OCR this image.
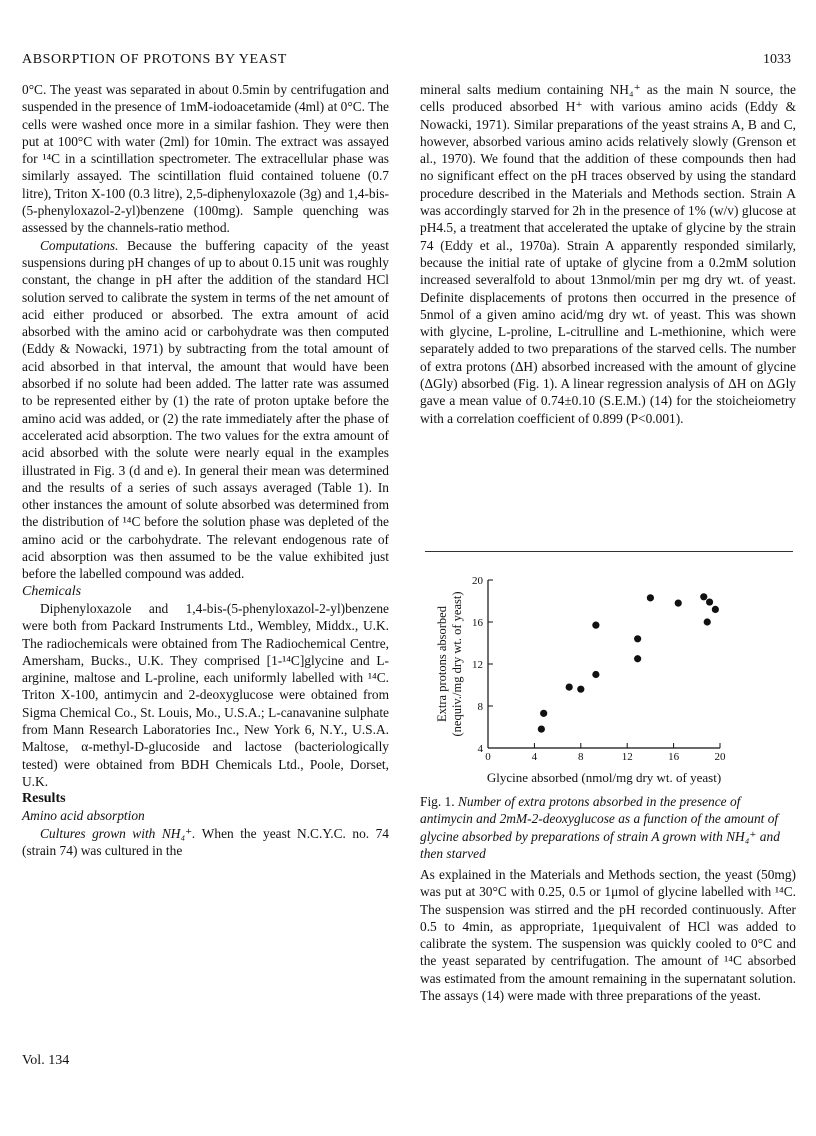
ABSORPTION OF PROTONS BY YEAST	1033

0°C. The yeast was separated in about 0.5min by centrifugation and suspended in the presence of 1mM-iodoacetamide (4ml) at 0°C. The cells were washed once more in a similar fashion. They were then put at 100°C with water (2ml) for 10min. The extract was assayed for ¹⁴C in a scintillation spectrometer. The extracellular phase was similarly assayed. The scintillation fluid contained toluene (0.7 litre), Triton X-100 (0.3 litre), 2,5-diphenyloxazole (3g) and 1,4-bis-(5-phenyloxazol-2-yl)benzene (100mg). Sample quenching was assessed by the channels-ratio method.

Computations. Because the buffering capacity of the yeast suspensions during pH changes of up to about 0.15 unit was roughly constant, the change in pH after the addition of the standard HCl solution served to calibrate the system in terms of the net amount of acid either produced or absorbed. The extra amount of acid absorbed with the amino acid or carbohydrate was then computed (Eddy & Nowacki, 1971) by subtracting from the total amount of acid absorbed in that interval, the amount that would have been absorbed if no solute had been added. The latter rate was assumed to be represented either by (1) the rate of proton uptake before the amino acid was added, or (2) the rate immediately after the phase of accelerated acid absorption. The two values for the extra amount of acid absorbed with the solute were nearly equal in the examples illustrated in Fig. 3 (d and e). In general their mean was determined and the results of a series of such assays averaged (Table 1). In other instances the amount of solute absorbed was determined from the distribution of ¹⁴C before the solution phase was depleted of the amino acid or the carbohydrate. The relevant endogenous rate of acid absorption was then assumed to be the value exhibited just before the labelled compound was added.

Chemicals

Diphenyloxazole and 1,4-bis-(5-phenyloxazol-2-yl)benzene were both from Packard Instruments Ltd., Wembley, Middx., U.K. The radiochemicals were obtained from The Radiochemical Centre, Amersham, Bucks., U.K. They comprised [1-¹⁴C]glycine and L-arginine, maltose and L-proline, each uniformly labelled with ¹⁴C. Triton X-100, antimycin and 2-deoxyglucose were obtained from Sigma Chemical Co., St. Louis, Mo., U.S.A.; L-canavanine sulphate from Mann Research Laboratories Inc., New York 6, N.Y., U.S.A. Maltose, α-methyl-D-glucoside and lactose (bacteriologically tested) were obtained from BDH Chemicals Ltd., Poole, Dorset, U.K.

Results

Amino acid absorption

Cultures grown with NH₄⁺. When the yeast N.C.Y.C. no. 74 (strain 74) was cultured in the

mineral salts medium containing NH₄⁺ as the main N source, the cells produced absorbed H⁺ with various amino acids (Eddy & Nowacki, 1971). Similar preparations of the yeast strains A, B and C, however, absorbed various amino acids relatively slowly (Grenson et al., 1970). We found that the addition of these compounds then had no significant effect on the pH traces observed by using the standard procedure described in the Materials and Methods section. Strain A was accordingly starved for 2h in the presence of 1% (w/v) glucose at pH4.5, a treatment that accelerated the uptake of glycine by the strain 74 (Eddy et al., 1970a). Strain A apparently responded similarly, because the initial rate of uptake of glycine from a 0.2mM solution increased severalfold to about 13nmol/min per mg dry wt. of yeast. Definite displacements of protons then occurred in the presence of 5nmol of a given amino acid/mg dry wt. of yeast. This was shown with glycine, L-proline, L-citrulline and L-methionine, which were separately added to two preparations of the starved cells. The number of extra protons (ΔH) absorbed increased with the amount of glycine (ΔGly) absorbed (Fig. 1). A linear regression analysis of ΔH on ΔGly gave a mean value of 0.74±0.10 (S.E.M.) (14) for the stoicheiometry with a correlation coefficient of 0.899 (P<0.001).

4
8
12
16
20
0	4	8	12	16	20
Glycine absorbed (nmol/mg dry wt. of yeast)
Extra protons absorbed (nequiv./mg dry wt. of yeast)

Fig. 1. Number of extra protons absorbed in the presence of antimycin and 2mM-2-deoxyglucose as a function of the amount of glycine absorbed by preparations of strain A grown with NH₄⁺ and then starved

As explained in the Materials and Methods section, the yeast (50mg) was put at 30°C with 0.25, 0.5 or 1μmol of glycine labelled with ¹⁴C. The suspension was stirred and the pH recorded continuously. After 0.5 to 4min, as appropriate, 1μequivalent of HCl was added to calibrate the system. The suspension was quickly cooled to 0°C and the yeast separated by centrifugation. The amount of ¹⁴C absorbed was estimated from the amount remaining in the supernatant solution. The assays (14) were made with three preparations of the yeast.

Vol. 134
